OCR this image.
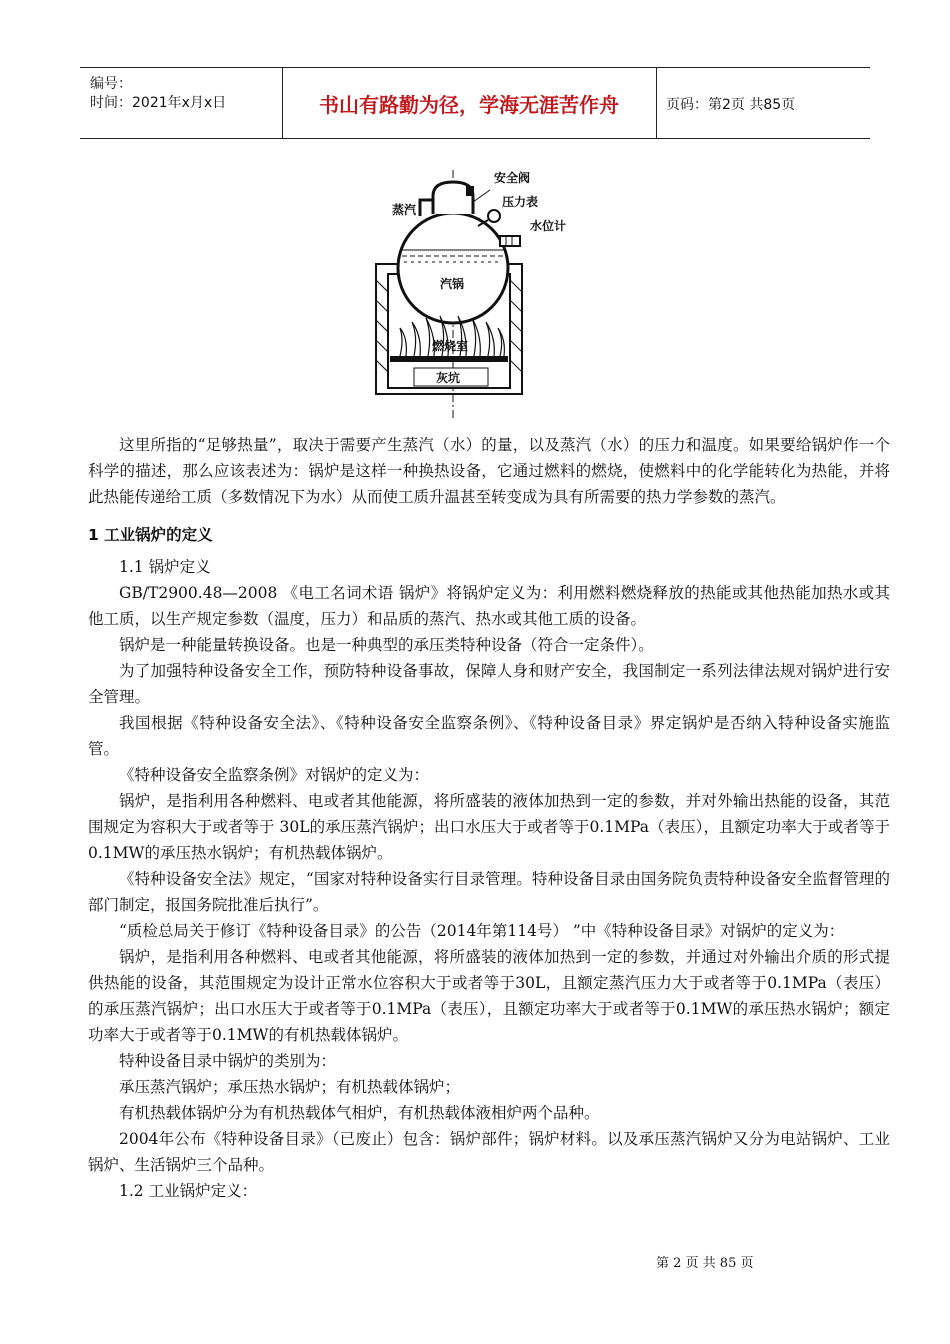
编号：
时间：2021年x月x日	书山有路勤为径，学海无涯苦作舟	页码：第2页 共85页
安全阀
压力表
水位计
蒸汽
汽锅
燃烧室
灰坑

这里所指的“足够热量”，取决于需要产生蒸汽（水）的量，以及蒸汽（水）的压力和温度。如果要给锅炉作一个科学的描述，那么应该表述为：锅炉是这样一种换热设备，它通过燃料的燃烧，使燃料中的化学能转化为热能，并将此热能传递给工质（多数情况下为水）从而使工质升温甚至转变成为具有所需要的热力学参数的蒸汽。

1 工业锅炉的定义

1.1 锅炉定义

GB/T2900.48—2008 《电工名词术语 锅炉》将锅炉定义为：利用燃料燃烧释放的热能或其他热能加热水或其他工质，以生产规定参数（温度，压力）和品质的蒸汽、热水或其他工质的设备。

锅炉是一种能量转换设备。也是一种典型的承压类特种设备（符合一定条件）。

为了加强特种设备安全工作，预防特种设备事故，保障人身和财产安全，我国制定一系列法律法规对锅炉进行安全管理。

我国根据《特种设备安全法》、《特种设备安全监察条例》、《特种设备目录》界定锅炉是否纳入特种设备实施监管。

《特种设备安全监察条例》对锅炉的定义为：

锅炉，是指利用各种燃料、电或者其他能源，将所盛装的液体加热到一定的参数，并对外输出热能的设备，其范围规定为容积大于或者等于 30L的承压蒸汽锅炉；出口水压大于或者等于0.1MPa（表压），且额定功率大于或者等于 0.1MW的承压热水锅炉；有机热载体锅炉。

《特种设备安全法》规定，“国家对特种设备实行目录管理。特种设备目录由国务院负责特种设备安全监督管理的部门制定，报国务院批准后执行”。

“质检总局关于修订《特种设备目录》的公告（2014年第114号） ”中《特种设备目录》对锅炉的定义为：

锅炉，是指利用各种燃料、电或者其他能源，将所盛装的液体加热到一定的参数，并通过对外输出介质的形式提供热能的设备，其范围规定为设计正常水位容积大于或者等于30L，且额定蒸汽压力大于或者等于0.1MPa（表压）的承压蒸汽锅炉；出口水压大于或者等于0.1MPa（表压），且额定功率大于或者等于0.1MW的承压热水锅炉；额定功率大于或者等于0.1MW的有机热载体锅炉。

特种设备目录中锅炉的类别为：

承压蒸汽锅炉；承压热水锅炉；有机热载体锅炉；

有机热载体锅炉分为有机热载体气相炉，有机热载体液相炉两个品种。

2004年公布《特种设备目录》（已废止）包含：锅炉部件；锅炉材料。以及承压蒸汽锅炉又分为电站锅炉、工业锅炉、生活锅炉三个品种。

1.2 工业锅炉定义：

第 2 页 共 85 页
